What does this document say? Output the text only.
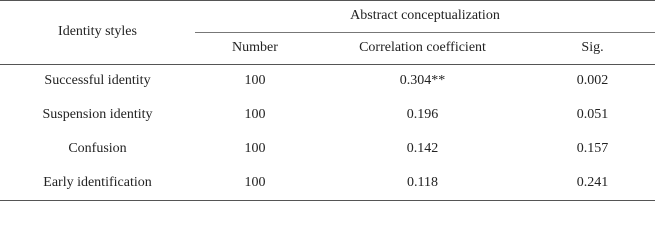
Identity styles
Abstract conceptualization
Number	Correlation coefficient	Sig.
Successful identity	100	0.304**	0.002
Suspension identity	100	0.196	0.051
Confusion	100	0.142	0.157
Early identification	100	0.118	0.241
